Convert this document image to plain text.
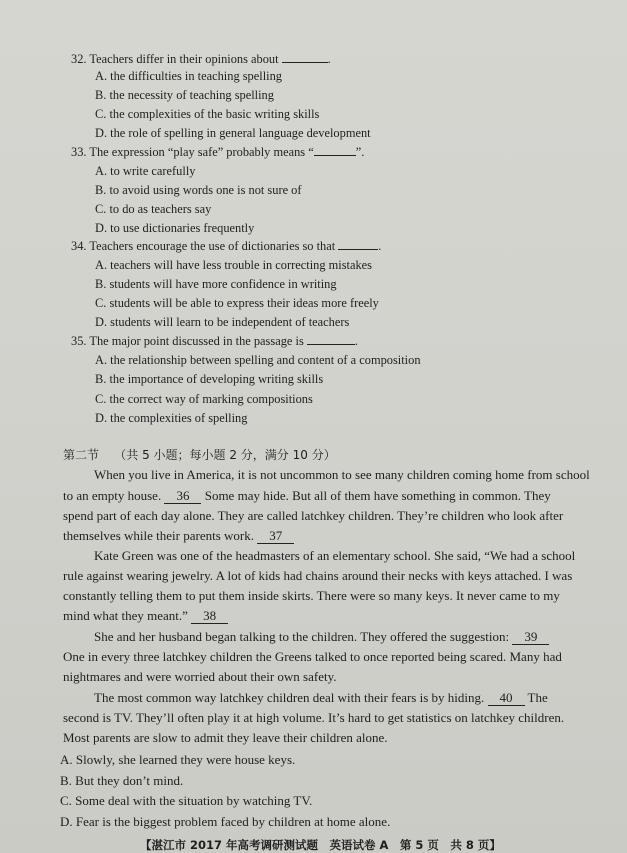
32. Teachers differ in their opinions about	.
A. the difficulties in teaching spelling
B. the necessity of teaching spelling
C. the complexities of the basic writing skills
D. the role of spelling in general language development
33. The expression “play safe” probably means “	”.
A. to write carefully
B. to avoid using words one is not sure of
C. to do as teachers say
D. to use dictionaries frequently
34. Teachers encourage the use of dictionaries so that	.
A. teachers will have less trouble in correcting mistakes
B. students will have more confidence in writing
C. students will be able to express their ideas more freely
D. students will learn to be independent of teachers
35. The major point discussed in the passage is	.
A. the relationship between spelling and content of a composition
B. the importance of developing writing skills
C. the correct way of marking compositions
D. the complexities of spelling
第二节 （共 5 小题；每小题 2 分，满分 10 分）
When you live in America, it is not uncommon to see many children coming home from school
to an empty house. 36 Some may hide. But all of them have something in common. They
spend part of each day alone. They are called latchkey children. They’re children who look after
themselves while their parents work. 37
Kate Green was one of the headmasters of an elementary school. She said, “We had a school
rule against wearing jewelry. A lot of kids had chains around their necks with keys attached. I was
constantly telling them to put them inside skirts. There were so many keys. It never came to my
mind what they meant.” 38
She and her husband began talking to the children. They offered the suggestion: 39
One in every three latchkey children the Greens talked to once reported being scared. Many had
nightmares and were worried about their own safety.
The most common way latchkey children deal with their fears is by hiding. 40 The
second is TV. They’ll often play it at high volume. It’s hard to get statistics on latchkey children.
Most parents are slow to admit they leave their children alone.
A. Slowly, she learned they were house keys.
B. But they don’t mind.
C. Some deal with the situation by watching TV.
D. Fear is the biggest problem faced by children at home alone.
【湛江市 2017 年高考调研测试题　英语试卷 A　第 5 页　共 8 页】
